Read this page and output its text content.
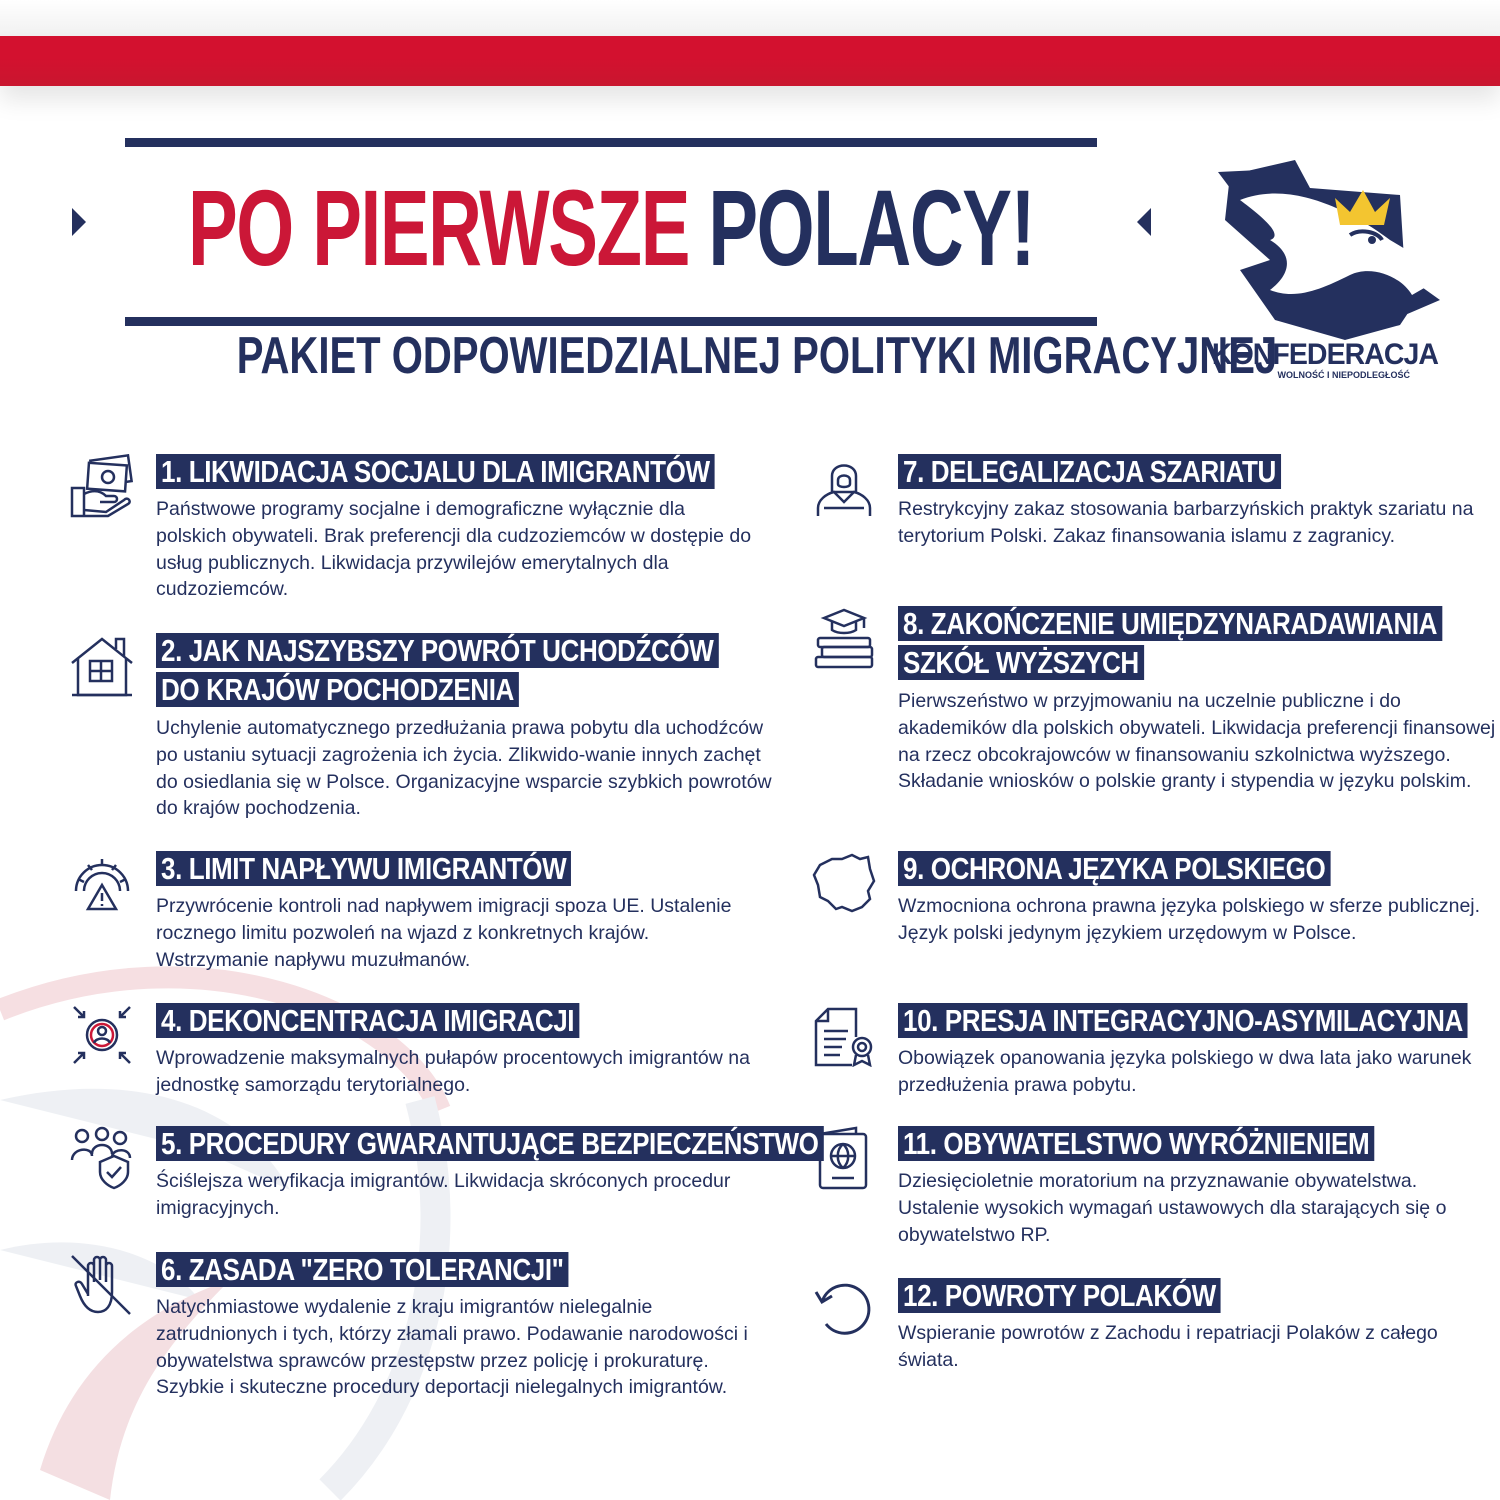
PO PIERWSZE
POLACY!
PAKIET ODPOWIEDZIALNEJ POLITYKI MIGRACYJNEJ
KONFEDERACJA
WOLNOŚĆ I NIEPODLEGŁOŚĆ
1. LIKWIDACJA SOCJALU DLA IMIGRANTÓW
Państwowe programy socjalne i demograficzne wyłącznie dla polskich obywateli. Brak preferencji dla cudzoziemców w dostępie do usług publicznych. Likwidacja przywilejów emerytalnych dla cudzoziemców.
2. JAK NAJSZYBSZY POWRÓT UCHODŹCÓW
DO KRAJÓW POCHODZENIA
Uchylenie automatycznego przedłużania prawa pobytu dla uchodźców po ustaniu sytuacji zagrożenia ich życia. Zlikwido-wanie innych zachęt do osiedlania się w Polsce. Organizacyjne wsparcie szybkich powrotów do krajów pochodzenia.
3. LIMIT NAPŁYWU IMIGRANTÓW
Przywrócenie kontroli nad napływem imigracji spoza UE. Ustalenie rocznego limitu pozwoleń na wjazd z konkretnych krajów. Wstrzymanie napływu muzułmanów.
4. DEKONCENTRACJA IMIGRACJI
Wprowadzenie maksymalnych pułapów procentowych imigrantów na jednostkę samorządu terytorialnego.
5. PROCEDURY GWARANTUJĄCE BEZPIECZEŃSTWO
Ściślejsza weryfikacja imigrantów. Likwidacja skróconych procedur imigracyjnych.
6. ZASADA "ZERO TOLERANCJI"
Natychmiastowe wydalenie z kraju imigrantów nielegalnie zatrudnionych i tych, którzy złamali prawo. Podawanie narodowości i obywatelstwa sprawców przestępstw przez policję i prokuraturę. Szybkie i skuteczne procedury deportacji nielegalnych imigrantów.
7. DELEGALIZACJA SZARIATU
Restrykcyjny zakaz stosowania barbarzyńskich praktyk szariatu na terytorium Polski. Zakaz finansowania islamu z zagranicy.
8. ZAKOŃCZENIE UMIĘDZYNARADAWIANIA
SZKÓŁ WYŻSZYCH
Pierwszeństwo w przyjmowaniu na uczelnie publiczne i do akademików dla polskich obywateli. Likwidacja preferencji finansowej na rzecz obcokrajowców w finansowaniu szkolnictwa wyższego. Składanie wniosków o polskie granty i stypendia w języku polskim.
9. OCHRONA JĘZYKA POLSKIEGO
Wzmocniona ochrona prawna języka polskiego w sferze publicznej. Język polski jedynym językiem urzędowym w Polsce.
10. PRESJA INTEGRACYJNO-ASYMILACYJNA
Obowiązek opanowania języka polskiego w dwa lata jako warunek przedłużenia prawa pobytu.
11. OBYWATELSTWO WYRÓŻNIENIEM
Dziesięcioletnie moratorium na przyznawanie obywatelstwa. Ustalenie wysokich wymagań ustawowych dla starających się o obywatelstwo RP.
12. POWROTY POLAKÓW
Wspieranie powrotów z Zachodu i repatriacji Polaków z całego świata.
